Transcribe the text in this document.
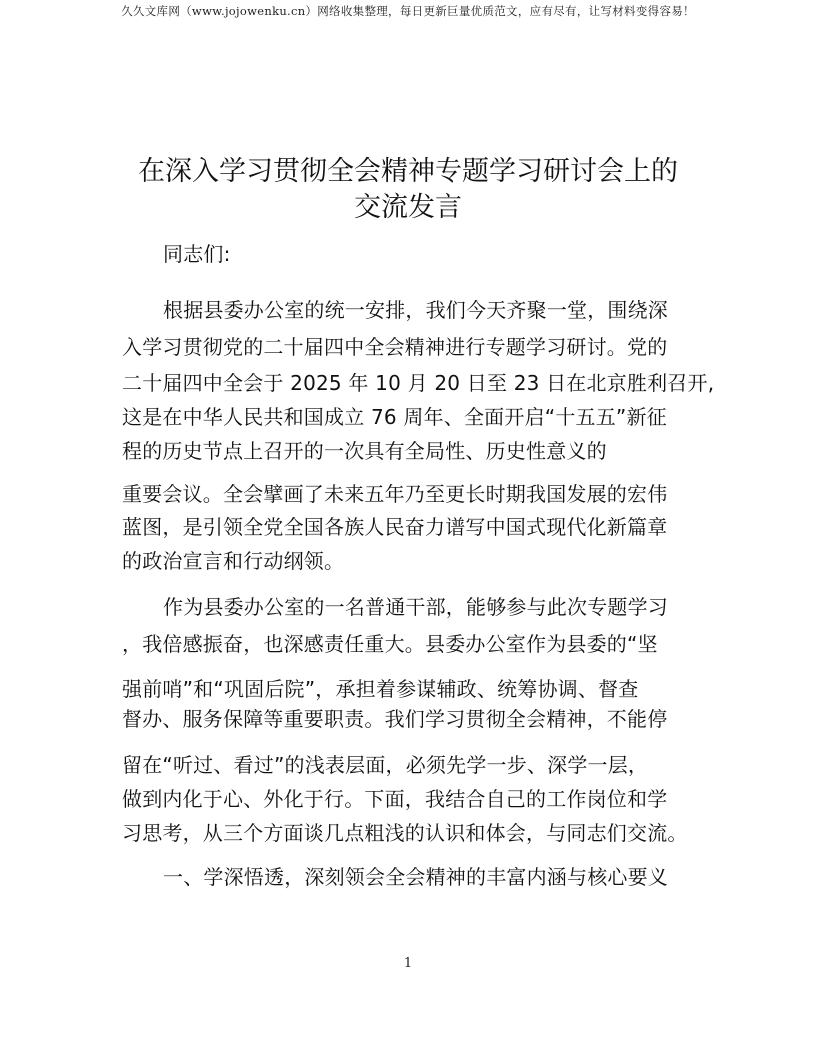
久久文库网（www.jojowenku.cn）网络收集整理，每日更新巨量优质范文，应有尽有，让写材料变得容易！
在深入学习贯彻全会精神专题学习研讨会上的
交流发言
同志们:
根据县委办公室的统一安排，我们今天齐聚一堂，围绕深
入学习贯彻党的二十届四中全会精神进行专题学习研讨。党的
二十届四中全会于 2025 年 10 月 20 日至 23 日在北京胜利召开,
这是在中华人民共和国成立 76 周年、全面开启“十五五”新征
程的历史节点上召开的一次具有全局性、历史性意义的
重要会议。全会擘画了未来五年乃至更长时期我国发展的宏伟
蓝图，是引领全党全国各族人民奋力谱写中国式现代化新篇章
的政治宣言和行动纲领。
作为县委办公室的一名普通干部，能够参与此次专题学习
，我倍感振奋，也深感责任重大。县委办公室作为县委的“坚
强前哨”和“巩固后院”，承担着参谋辅政、统筹协调、督查
督办、服务保障等重要职责。我们学习贯彻全会精神，不能停
留在“听过、看过”的浅表层面，必须先学一步、深学一层，
做到内化于心、外化于行。下面，我结合自己的工作岗位和学
习思考，从三个方面谈几点粗浅的认识和体会，与同志们交流。
一、学深悟透，深刻领会全会精神的丰富内涵与核心要义
1
